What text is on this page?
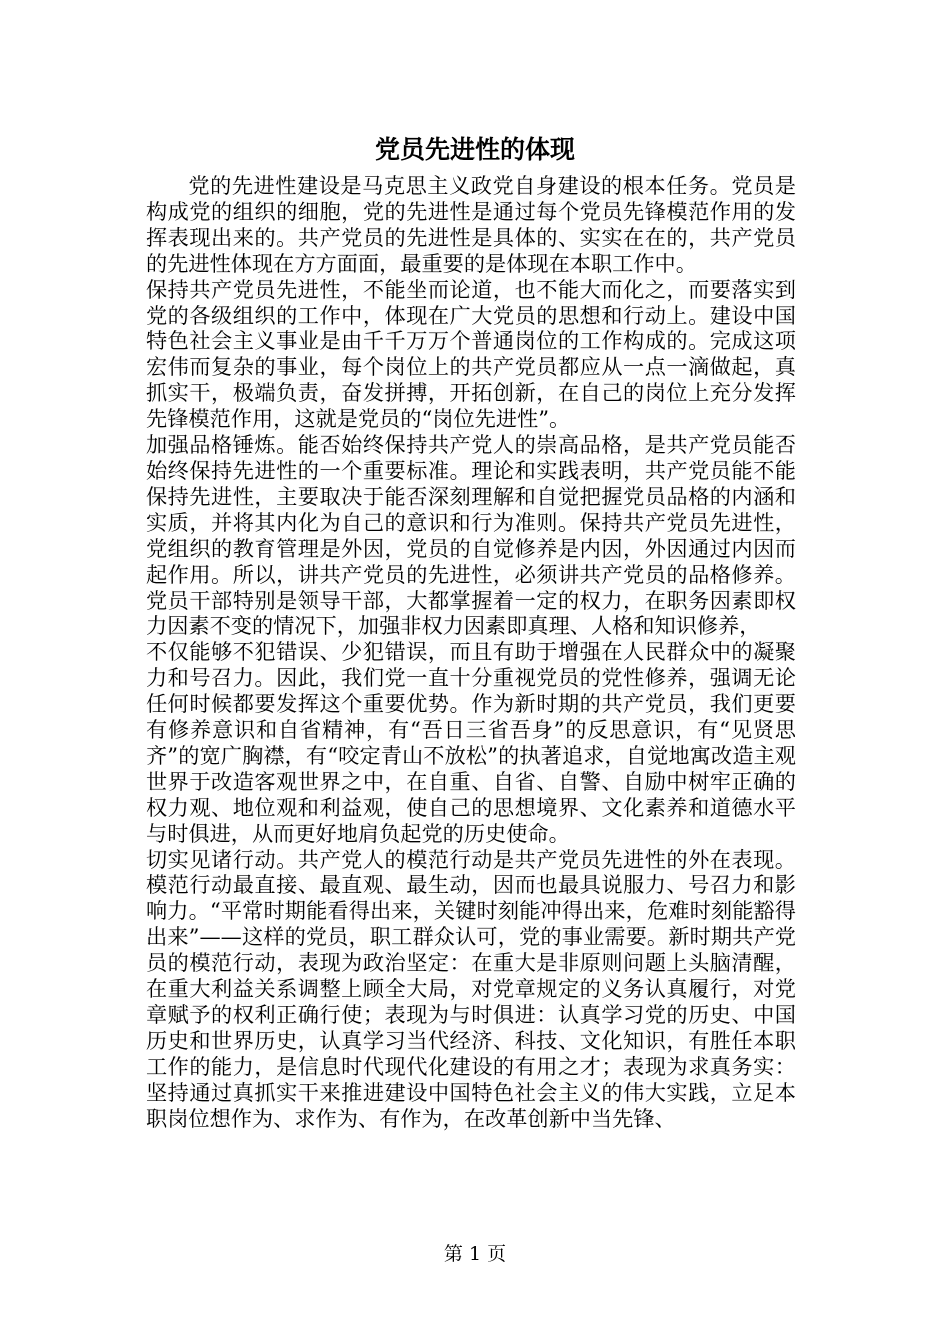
党员先进性的体现

党的先进性建设是马克思主义政党自身建设的根本任务。党员是构成党的组织的细胞，党的先进性是通过每个党员先锋模范作用的发挥表现出来的。共产党员的先进性是具体的、实实在在的，共产党员的先进性体现在方方面面，最重要的是体现在本职工作中。

保持共产党员先进性，不能坐而论道，也不能大而化之，而要落实到党的各级组织的工作中，体现在广大党员的思想和行动上。建设中国特色社会主义事业是由千千万万个普通岗位的工作构成的。完成这项宏伟而复杂的事业，每个岗位上的共产党员都应从一点一滴做起，真抓实干，极端负责，奋发拼搏，开拓创新，在自己的岗位上充分发挥先锋模范作用，这就是党员的“岗位先进性”。

加强品格锤炼。能否始终保持共产党人的崇高品格，是共产党员能否始终保持先进性的一个重要标准。理论和实践表明，共产党员能不能保持先进性，主要取决于能否深刻理解和自觉把握党员品格的内涵和实质，并将其内化为自己的意识和行为准则。保持共产党员先进性，党组织的教育管理是外因，党员的自觉修养是内因，外因通过内因而起作用。所以，讲共产党员的先进性，必须讲共产党员的品格修养。党员干部特别是领导干部，大都掌握着一定的权力，在职务因素即权力因素不变的情况下，加强非权力因素即真理、人格和知识修养，

不仅能够不犯错误、少犯错误，而且有助于增强在人民群众中的凝聚力和号召力。因此，我们党一直十分重视党员的党性修养，强调无论任何时候都要发挥这个重要优势。作为新时期的共产党员，我们更要有修养意识和自省精神，有“吾日三省吾身”的反思意识，有“见贤思齐”的宽广胸襟，有“咬定青山不放松”的执著追求，自觉地寓改造主观世界于改造客观世界之中，在自重、自省、自警、自励中树牢正确的权力观、地位观和利益观，使自己的思想境界、文化素养和道德水平与时俱进，从而更好地肩负起党的历史使命。

切实见诸行动。共产党人的模范行动是共产党员先进性的外在表现。模范行动最直接、最直观、最生动，因而也最具说服力、号召力和影响力。“平常时期能看得出来，关键时刻能冲得出来，危难时刻能豁得出来”——这样的党员，职工群众认可，党的事业需要。新时期共产党员的模范行动，表现为政治坚定：在重大是非原则问题上头脑清醒，在重大利益关系调整上顾全大局，对党章规定的义务认真履行，对党章赋予的权利正确行使；表现为与时俱进：认真学习党的历史、中国历史和世界历史，认真学习当代经济、科技、文化知识，有胜任本职工作的能力，是信息时代现代化建设的有用之才；表现为求真务实：坚持通过真抓实干来推进建设中国特色社会主义的伟大实践，立足本职岗位想作为、求作为、有作为，在改革创新中当先锋、

第 1 页
